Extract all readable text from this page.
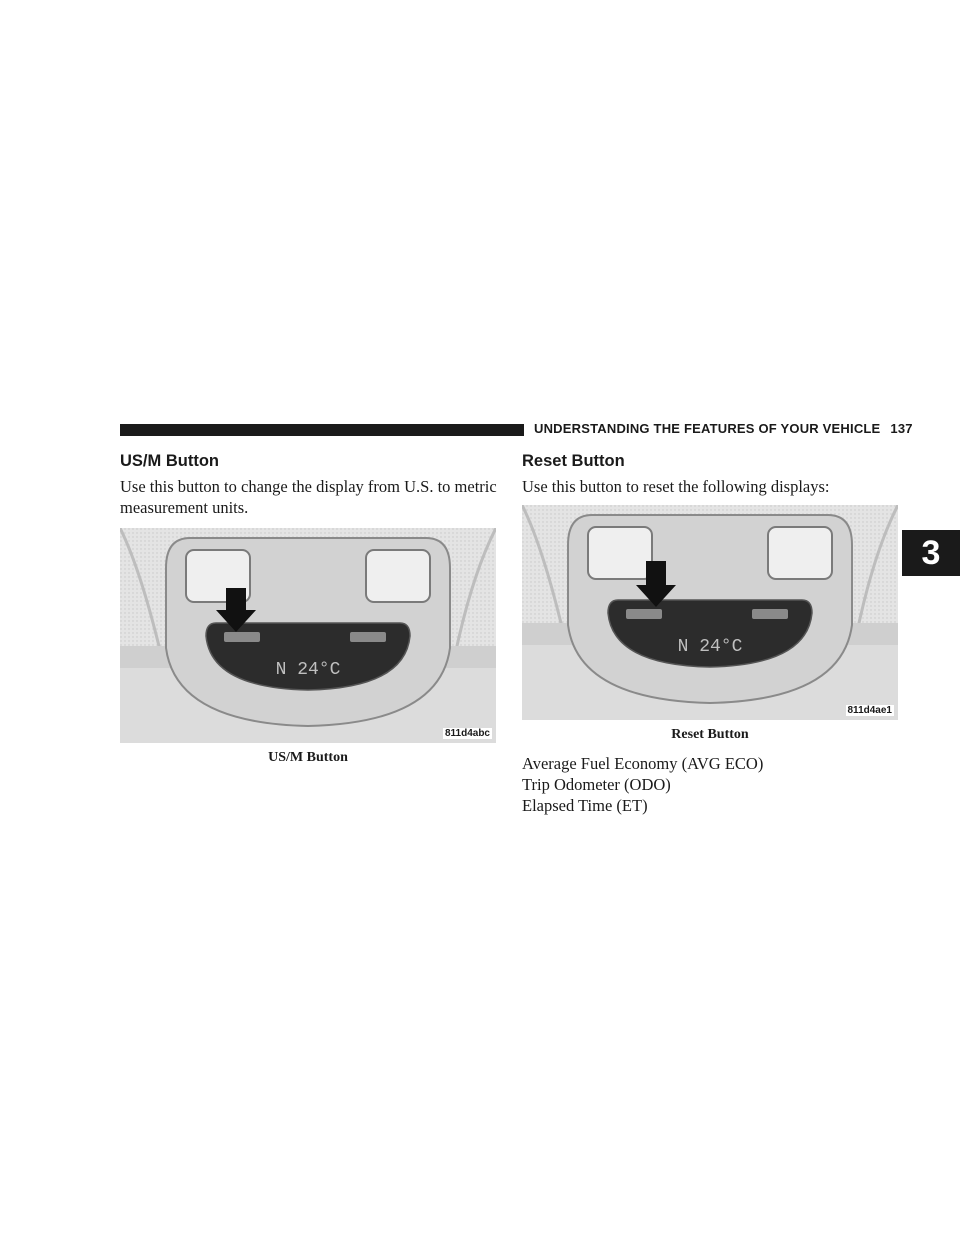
UNDERSTANDING THE FEATURES OF YOUR VEHICLE 137
3
US/M Button

Use this button to change the display from U.S. to metric measurement units.

N 24°C
811d4abc
US/M Button
Reset Button

Use this button to reset the following displays:

N 24°C
811d4ae1
Reset Button
Average Fuel Economy (AVG ECO)
Trip Odometer (ODO)
Elapsed Time (ET)
